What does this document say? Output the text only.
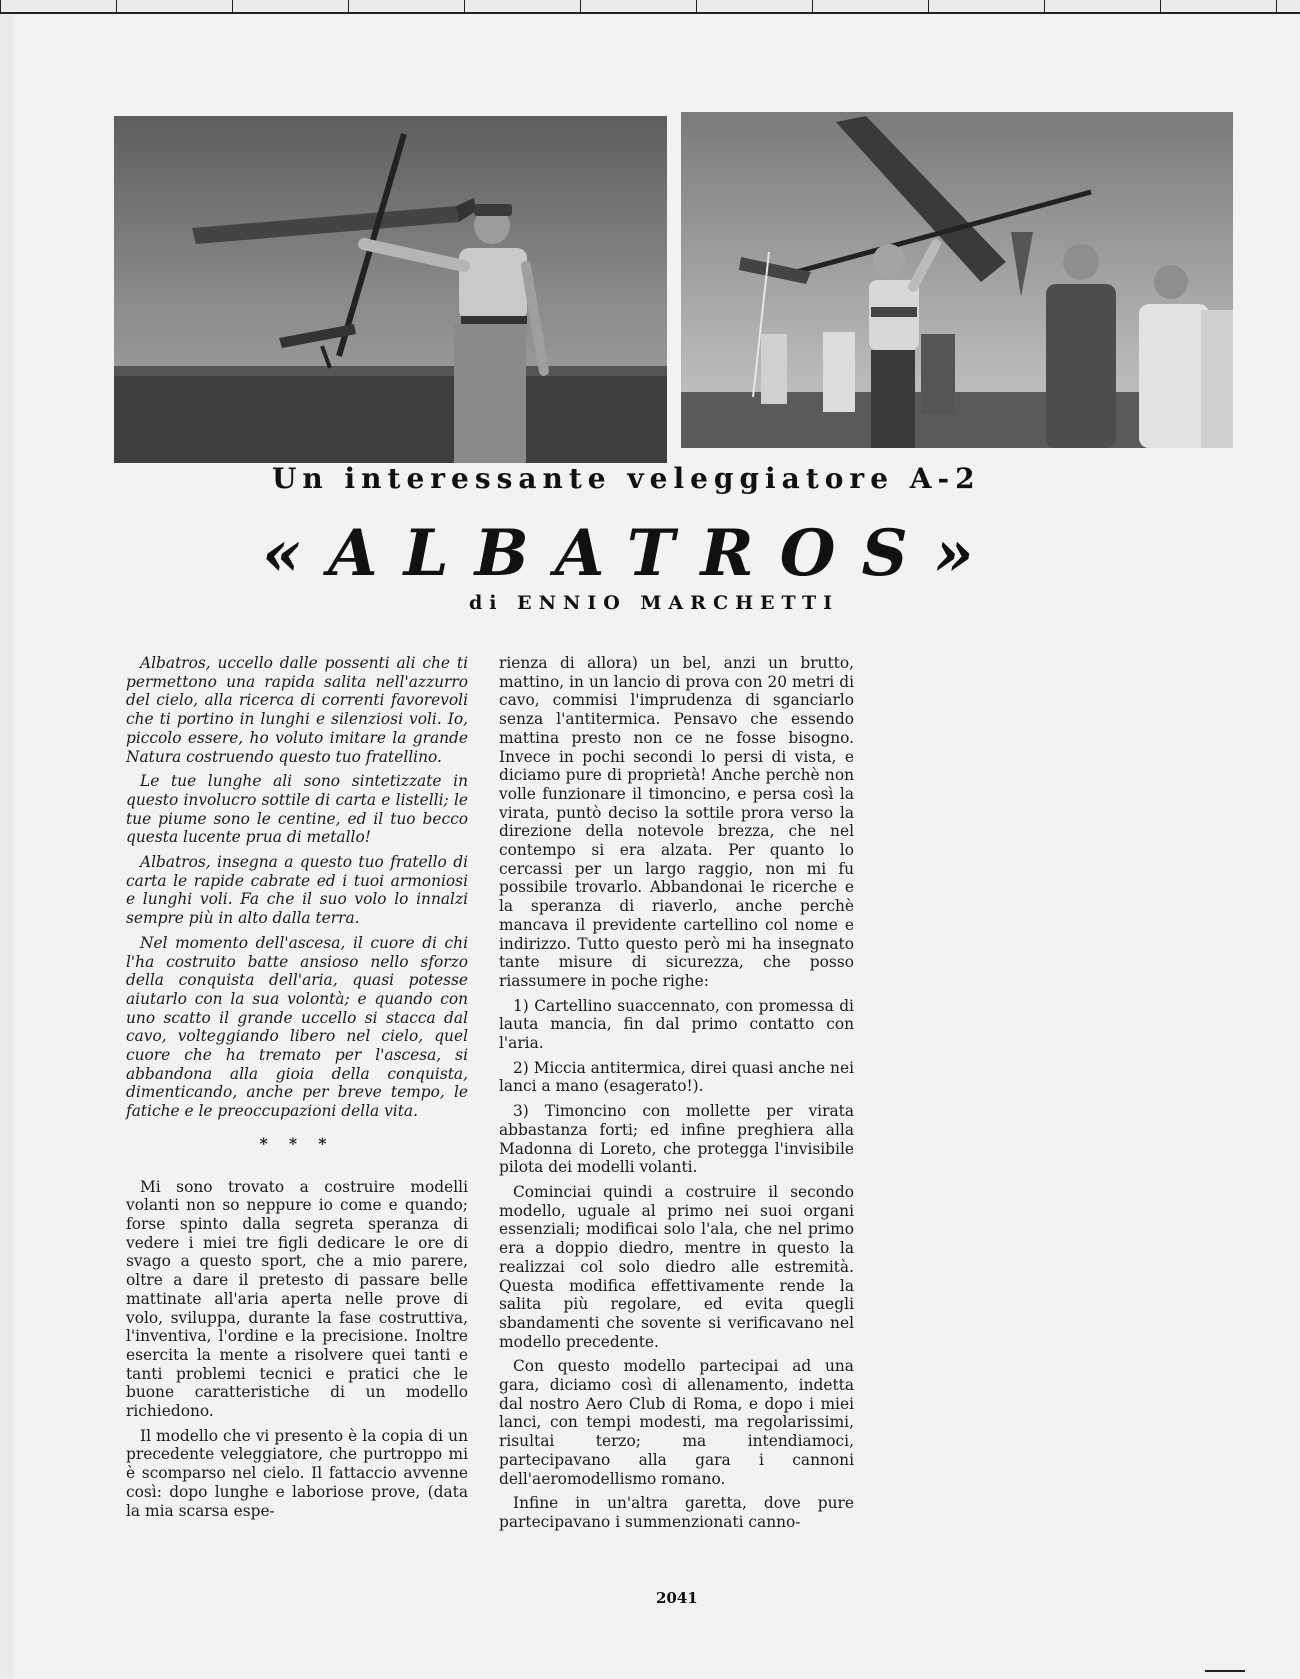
Un interessante veleggiatore A-2
«ALBATROS»
di ENNIO MARCHETTI

Albatros, uccello dalle possenti ali che ti permettono una rapida salita nell'azzurro del cielo, alla ricerca di correnti favorevoli che ti portino in lunghi e silenziosi voli. Io, piccolo essere, ho voluto imitare la grande Natura costruendo questo tuo fratellino.

Le tue lunghe ali sono sintetizzate in questo involucro sottile di carta e listelli; le tue piume sono le centine, ed il tuo becco questa lucente prua di metallo!

Albatros, insegna a questo tuo fratello di carta le rapide cabrate ed i tuoi armoniosi e lunghi voli. Fa che il suo volo lo innalzi sempre più in alto dalla terra.

Nel momento dell'ascesa, il cuore di chi l'ha costruito batte ansioso nello sforzo della conquista dell'aria, quasi potesse aiutarlo con la sua volontà; e quando con uno scatto il grande uccello si stacca dal cavo, volteggiando libero nel cielo, quel cuore che ha tremato per l'ascesa, si abbandona alla gioia della conquista, dimenticando, anche per breve tempo, le fatiche e le preoccupazioni della vita.

* * *

Mi sono trovato a costruire modelli volanti non so neppure io come e quando; forse spinto dalla segreta speranza di vedere i miei tre figli dedicare le ore di svago a questo sport, che a mio parere, oltre a dare il pretesto di passare belle mattinate all'aria aperta nelle prove di volo, sviluppa, durante la fase costruttiva, l'inventiva, l'ordine e la precisione. Inoltre esercita la mente a risolvere quei tanti e tanti problemi tecnici e pratici che le buone caratteristiche di un modello richiedono.

Il modello che vi presento è la copia di un precedente veleggiatore, che purtroppo mi è scomparso nel cielo. Il fattaccio avvenne così: dopo lunghe e laboriose prove, (data la mia scarsa espe-

rienza di allora) un bel, anzi un brutto, mattino, in un lancio di prova con 20 metri di cavo, commisi l'imprudenza di sganciarlo senza l'antitermica. Pensavo che essendo mattina presto non ce ne fosse bisogno. Invece in pochi secondi lo persi di vista, e diciamo pure di proprietà! Anche perchè non volle funzionare il timoncino, e persa così la virata, puntò deciso la sottile prora verso la direzione della notevole brezza, che nel contempo si era alzata. Per quanto lo cercassi per un largo raggio, non mi fu possibile trovarlo. Abbandonai le ricerche e la speranza di riaverlo, anche perchè mancava il previdente cartellino col nome e indirizzo. Tutto questo però mi ha insegnato tante misure di sicurezza, che posso riassumere in poche righe:

1) Cartellino suaccennato, con promessa di lauta mancia, fin dal primo contatto con l'aria.

2) Miccia antitermica, direi quasi anche nei lanci a mano (esagerato!).

3) Timoncino con mollette per virata abbastanza forti; ed infine preghiera alla Madonna di Loreto, che protegga l'invisibile pilota dei modelli volanti.

Cominciai quindi a costruire il secondo modello, uguale al primo nei suoi organi essenziali; modificai solo l'ala, che nel primo era a doppio diedro, mentre in questo la realizzai col solo diedro alle estremità. Questa modifica effettivamente rende la salita più regolare, ed evita quegli sbandamenti che sovente si verificavano nel modello precedente.

Con questo modello partecipai ad una gara, diciamo così di allenamento, indetta dal nostro Aero Club di Roma, e dopo i miei lanci, con tempi modesti, ma regolarissimi, risultai terzo; ma intendiamoci, partecipavano alla gara i cannoni dell'aeromodellismo romano.

Infine in un'altra garetta, dove pure partecipavano i summenzionati canno-

2041
